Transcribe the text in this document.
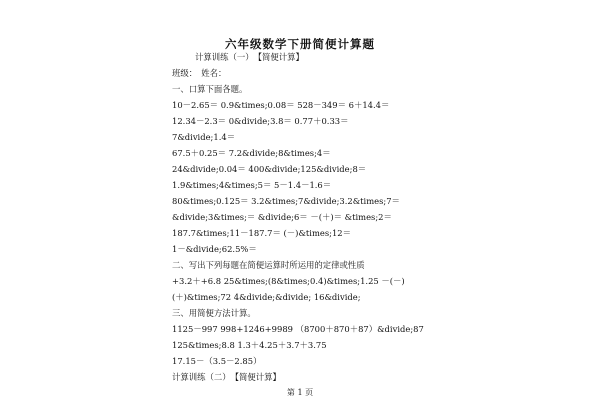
六年级数学下册简便计算题
计算训练（一）　【简便计算】
班级：　姓名：
一、口算下面各题。
10－2.65＝ 0.9&times;0.08＝ 528－349＝ 6＋14.4＝
12.34－2.3＝ 0&divide;3.8＝ 0.77＋0.33＝
7&divide;1.4＝
67.5＋0.25＝ 7.2&divide;8&times;4＝
24&divide;0.04＝ 400&divide;125&divide;8＝
1.9&times;4&times;5＝ 5－1.4－1.6＝
80&times;0.125＝ 3.2&times;7&divide;3.2&times;7＝
&divide;3&times;＝ &divide;6＝ －(＋)＝ &times;2＝
187.7&times;11－187.7＝ (－)&times;12＝
1－&divide;62.5%＝
二、写出下列每题在简便运算时所运用的定律或性质
+3.2＋+6.8 25&times;(8&times;0.4)&times;1.25 －(－)
(＋)&times;72 4&divide;&divide; 16&divide;
三、用简便方法计算。
1125－997 998+1246+9989 （8700＋870＋87）&divide;87
125&times;8.8 1.3＋4.25＋3.7＋3.75
17.15－（3.5－2.85）
计算训练（二）　【简便计算】
第 1 页
